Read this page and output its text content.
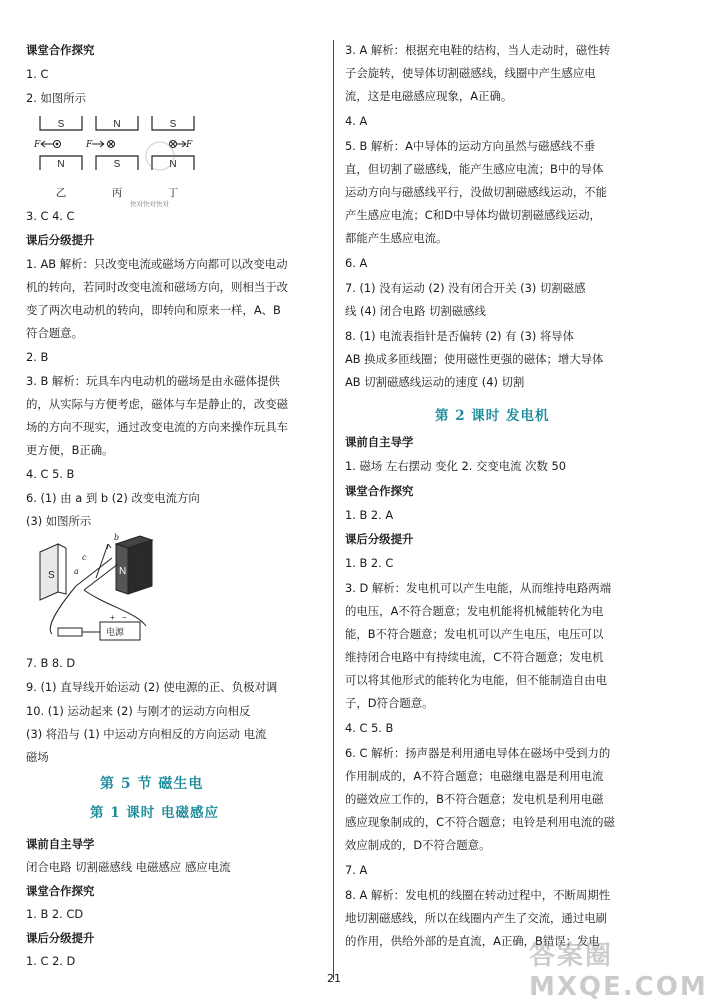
课堂合作探究
1. C
2. 如图所示
3. C 4. C
课后分级提升
1. AB 解析：只改变电流或磁场方向都可以改变电动
机的转向，若同时改变电流和磁场方向，则相当于改
变了两次电动机的转向，即转向和原来一样，A、B
符合题意。
2. B
3. B 解析：玩具车内电动机的磁场是由永磁体提供
的，从实际与方便考虑，磁体与车是静止的，改变磁
场的方向不现实，通过改变电流的方向来操作玩具车
更方便，B正确。
4. C 5. B
6. (1) 由 a 到 b (2) 改变电流方向
(3) 如图所示
7. B 8. D
9. (1) 直导线开始运动 (2) 使电源的正、负极对调
10. (1) 运动起来 (2) 与刚才的运动方向相反
(3) 将沿与 (1) 中运动方向相反的方向运动 电流
磁场
课前自主导学
闭合电路 切割磁感线 电磁感应 感应电流
课堂合作探究
1. B 2. CD
课后分级提升
1. C 2. D
3. A 解析：根据充电鞋的结构，当人走动时，磁性转
子会旋转，使导体切割磁感线，线圈中产生感应电
流，这是电磁感应现象，A正确。
4. A
5. B 解析：A中导体的运动方向虽然与磁感线不垂
直，但切割了磁感线，能产生感应电流；B中的导体
运动方向与磁感线平行，没做切割磁感线运动，不能
产生感应电流；C和D中导体均做切割磁感线运动，
都能产生感应电流。
6. A
7. (1) 没有运动 (2) 没有闭合开关 (3) 切割磁感
线 (4) 闭合电路 切割磁感线
8. (1) 电流表指针是否偏转 (2) 有 (3) 将导体
AB 换成多匝线圈；使用磁性更强的磁体；增大导体
AB 切割磁感线运动的速度 (4) 切割
课前自主导学
1. 磁场 左右摆动 变化 2. 交变电流 次数 50
课堂合作探究
1. B 2. A
课后分级提升
1. B 2. C
3. D 解析：发电机可以产生电能，从而维持电路两端
的电压，A不符合题意；发电机能将机械能转化为电
能，B不符合题意；发电机可以产生电压，电压可以
维持闭合电路中有持续电流，C不符合题意；发电机
可以将其他形式的能转化为电能，但不能制造自由电
子，D符合题意。
4. C 5. B
6. C 解析：扬声器是利用通电导体在磁场中受到力的
作用制成的，A不符合题意；电磁继电器是利用电流
的磁效应工作的，B不符合题意；发电机是利用电磁
感应现象制成的，C不符合题意；电铃是利用电流的磁
效应制成的，D不符合题意。
7. A
8. A 解析：发电机的线圈在转动过程中，不断周期性
地切割磁感线，所以在线圈内产生了交流，通过电刷
的作用，供给外部的是直流，A正确，B错误；发电
第 5 节 磁生电
第 1 课时 电磁感应
第 2 课时 发电机
S	N	S
N	S	N
F	F	F
乙	丙	丁
快对快对快对
S	N
b
c
a
电源
+ −
21
答案圈 MXQE.COM
